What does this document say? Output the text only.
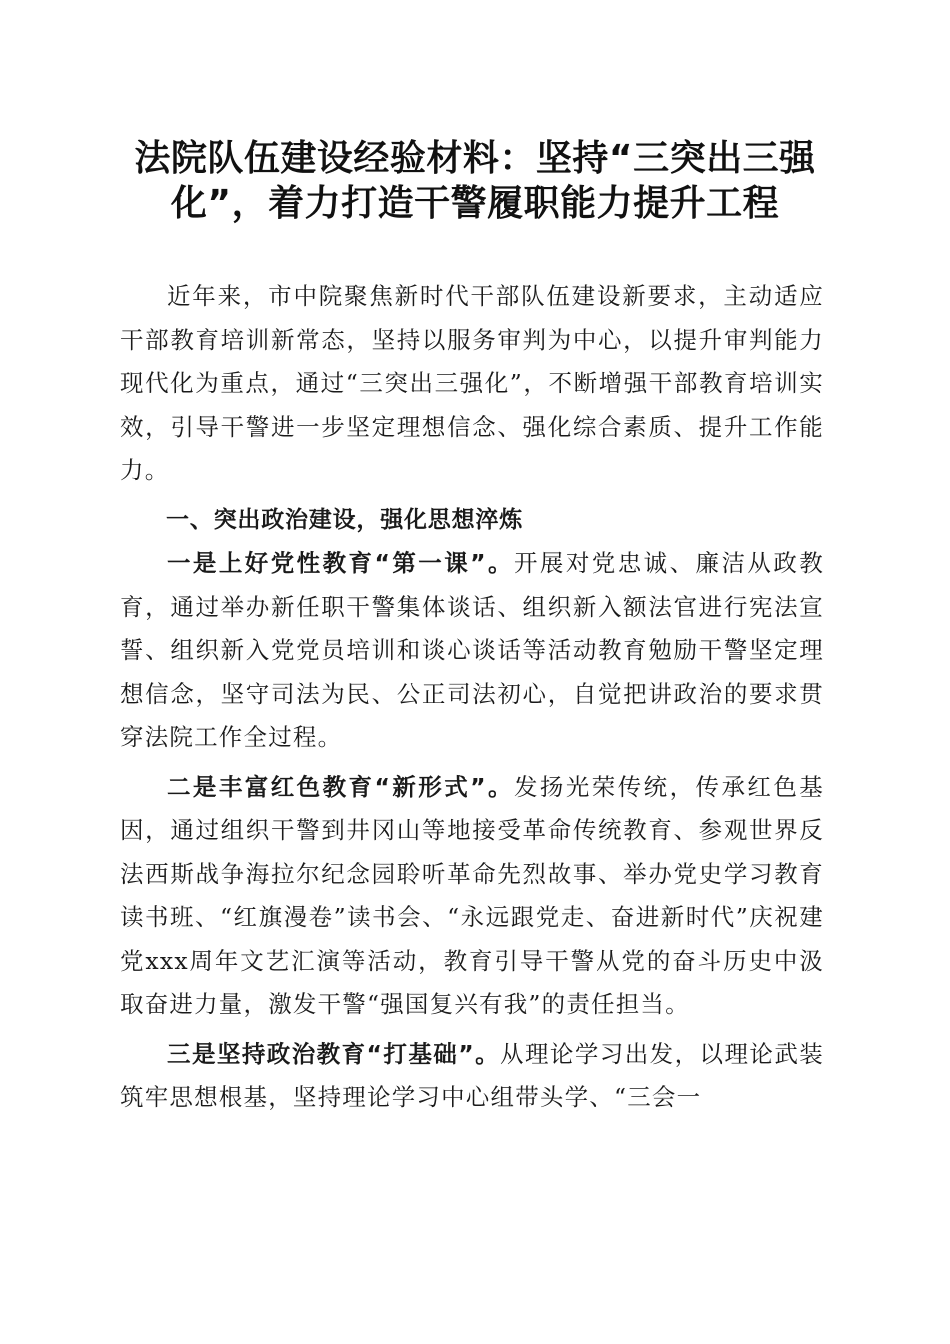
法院队伍建设经验材料：坚持“三突出三强化”，着力打造干警履职能力提升工程

近年来，市中院聚焦新时代干部队伍建设新要求，主动适应干部教育培训新常态，坚持以服务审判为中心，以提升审判能力现代化为重点，通过“三突出三强化”，不断增强干部教育培训实效，引导干警进一步坚定理想信念、强化综合素质、提升工作能力。

一、突出政治建设，强化思想淬炼

一是上好党性教育“第一课”。开展对党忠诚、廉洁从政教育，通过举办新任职干警集体谈话、组织新入额法官进行宪法宣誓、组织新入党党员培训和谈心谈话等活动教育勉励干警坚定理想信念，坚守司法为民、公正司法初心，自觉把讲政治的要求贯穿法院工作全过程。

二是丰富红色教育“新形式”。发扬光荣传统，传承红色基因，通过组织干警到井冈山等地接受革命传统教育、参观世界反法西斯战争海拉尔纪念园聆听革命先烈故事、举办党史学习教育读书班、“红旗漫卷”读书会、“永远跟党走、奋进新时代”庆祝建党xxx周年文艺汇演等活动，教育引导干警从党的奋斗历史中汲取奋进力量，激发干警“强国复兴有我”的责任担当。

三是坚持政治教育“打基础”。从理论学习出发，以理论武装筑牢思想根基，坚持理论学习中心组带头学、“三会一
